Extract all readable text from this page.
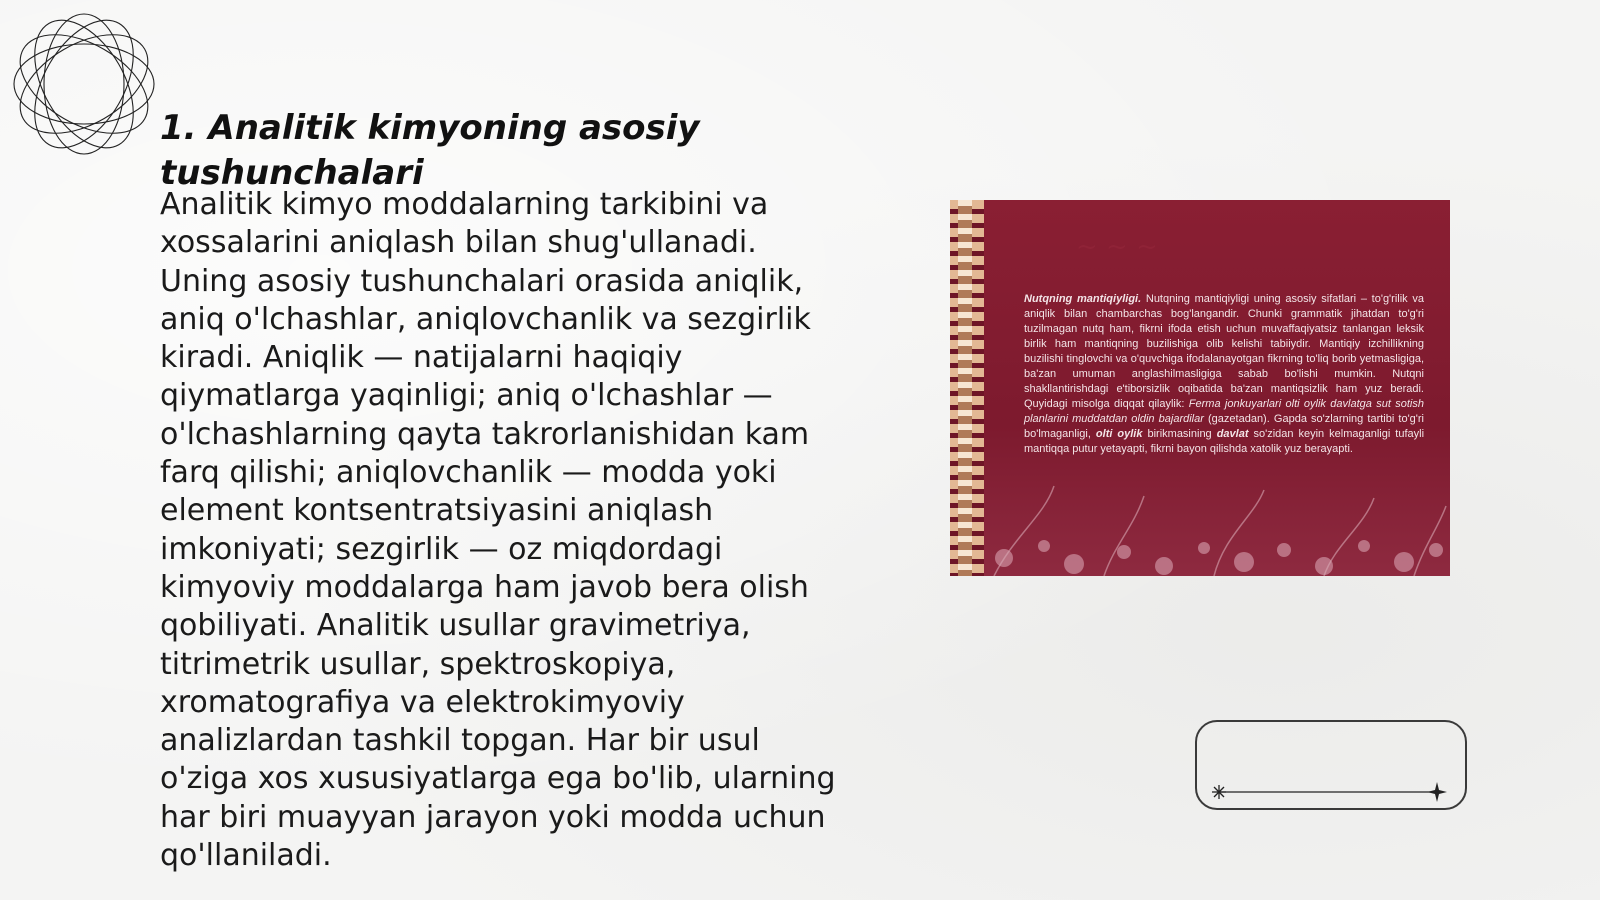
1. Analitik kimyoning asosiy tushunchalari

Analitik kimyo moddalarning tarkibini va xossalarini aniqlash bilan shug'ullanadi. Uning asosiy tushunchalari orasida aniqlik, aniq o'lchashlar, aniqlovchanlik va sezgirlik kiradi. Aniqlik — natijalarni haqiqiy qiymatlarga yaqinligi; aniq o'lchashlar — o'lchashlarning qayta takrorlanishidan kam farq qilishi; aniqlovchanlik — modda yoki element kontsentratsiyasini aniqlash imkoniyati; sezgirlik — oz miqdordagi kimyoviy moddalarga ham javob bera olish qobiliyati. Analitik usullar gravimetriya, titrimetrik usullar, spektroskopiya, xromatografiya va elektrokimyoviy analizlardan tashkil topgan. Har bir usul o'ziga xos xususiyatlarga ega bo'lib, ularning har biri muayyan jarayon yoki modda uchun qo'llaniladi.

~ ~ ~

Nutqning mantiqiyligi. Nutqning mantiqiyligi uning asosiy sifatlari – to'g'rilik va aniqlik bilan chambarchas bog'langandir. Chunki grammatik jihatdan to'g'ri tuzilmagan nutq ham, fikrni ifoda etish uchun muvaffaqiyatsiz tanlangan leksik birlik ham mantiqning buzilishiga olib kelishi tabiiydir. Mantiqiy izchillikning buzilishi tinglovchi va o'quvchiga ifodalanayotgan fikrning to'liq borib yetmasligiga, ba'zan umuman anglashilmasligiga sabab bo'lishi mumkin. Nutqni shakllantirishdagi e'tiborsizlik oqibatida ba'zan mantiqsizlik ham yuz beradi. Quyidagi misolga diqqat qilaylik: Ferma jonkuyarlari olti oylik davlatga sut sotish planlarini muddatdan oldin bajardilar (gazetadan). Gapda so'zlarning tartibi to'g'ri bo'lmaganligi, olti oylik birikmasining davlat so'zidan keyin kelmaganligi tufayli mantiqqa putur yetayapti, fikrni bayon qilishda xatolik yuz berayapti.
